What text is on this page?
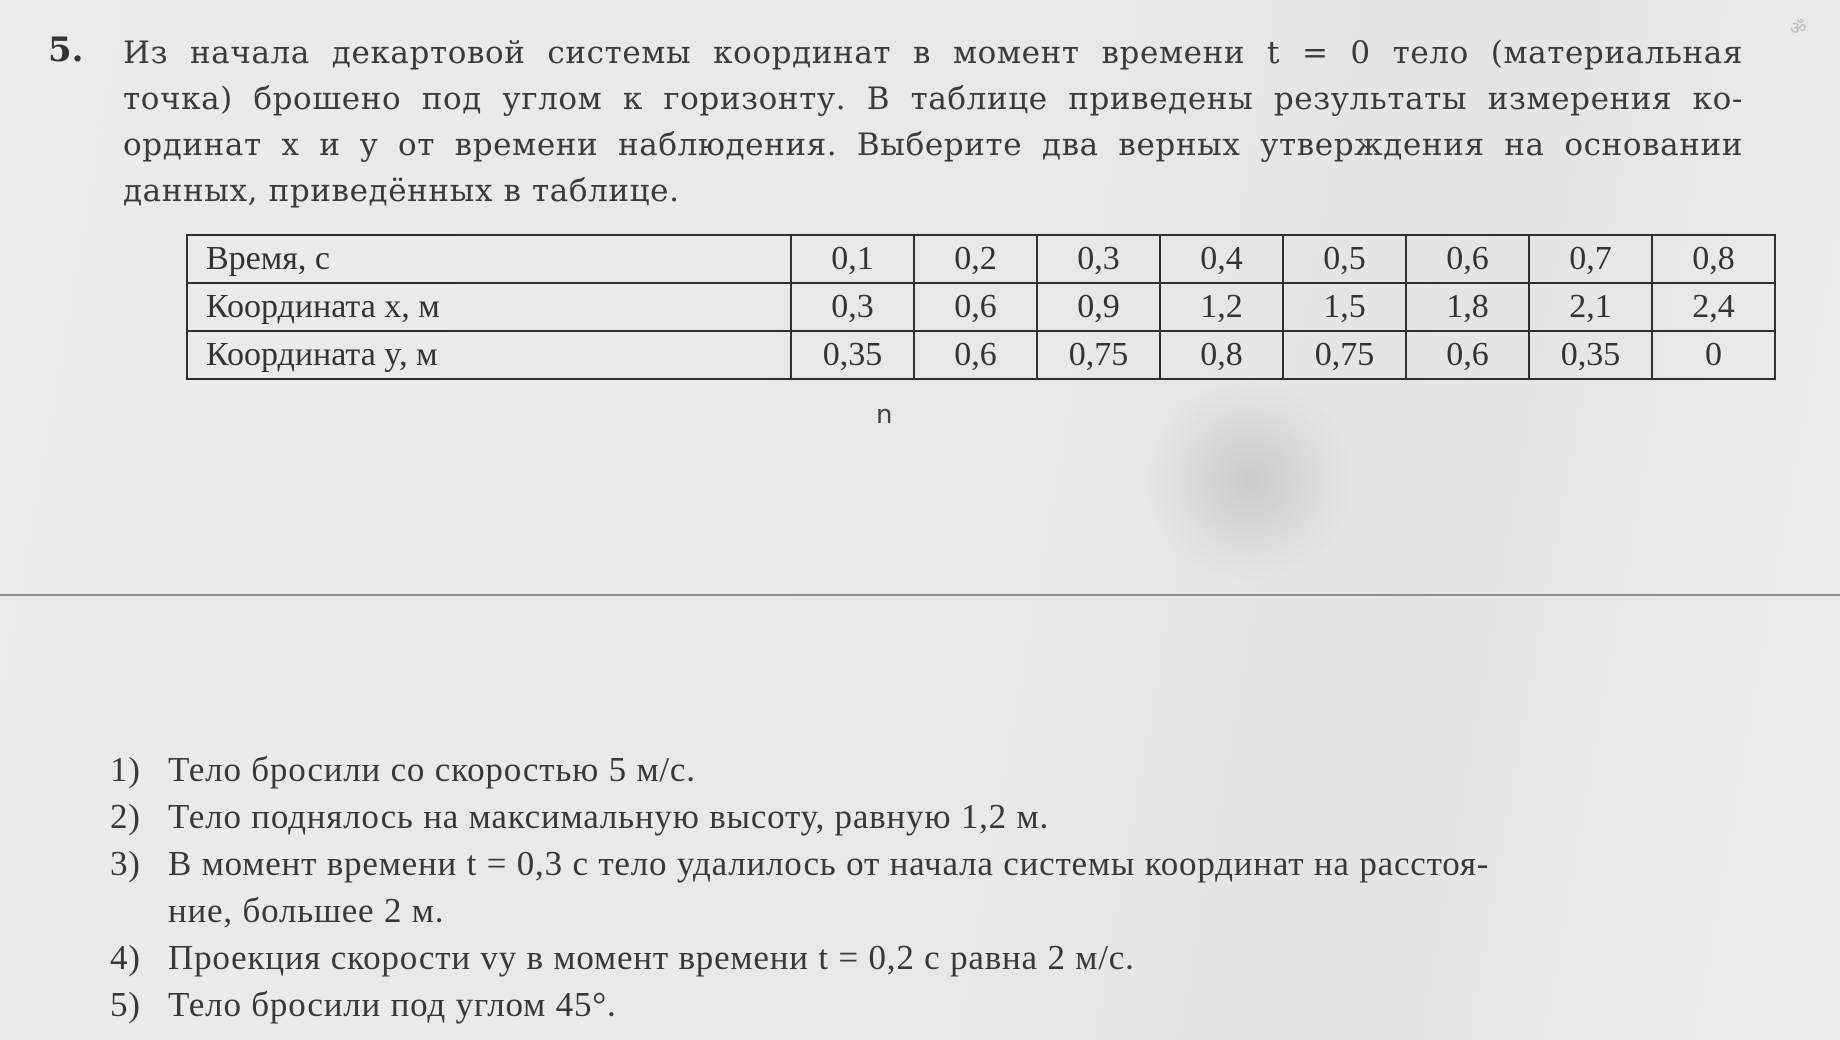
ॐ
5. Из начала декартовой системы координат в момент времени t = 0 тело (материальная
точка) брошено под углом к горизонту. В таблице приведены результаты измерения ко-
ординат x и y от времени наблюдения. Выберите два верных утверждения на основании
данных, приведённых в таблице.
Время, с	0,1	0,2	0,3	0,4	0,5	0,6	0,7	0,8
Координата x, м	0,3	0,6	0,9	1,2	1,5	1,8	2,1	2,4
Координата y, м	0,35	0,6	0,75	0,8	0,75	0,6	0,35	0
n
1) Тело бросили со скоростью 5 м/с.
2) Тело поднялось на максимальную высоту, равную 1,2 м.
3) В момент времени t = 0,3 с тело удалилось от начала системы координат на расстоя-
ние, большее 2 м.
4) Проекция скорости vy в момент времени t = 0,2 с равна 2 м/с.
5) Тело бросили под углом 45°.
